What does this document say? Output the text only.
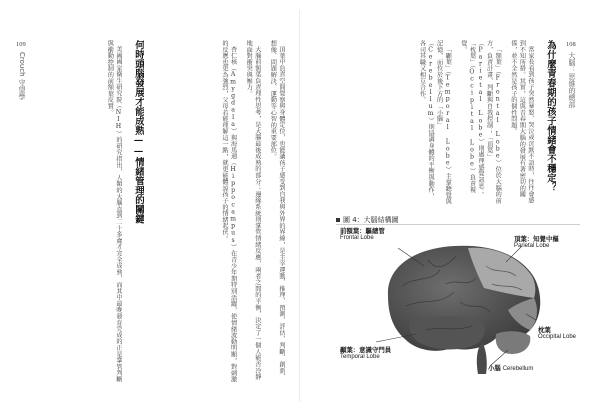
109
Crouch 守望學	頂葉中負責空間覺察與身體定位，也能讓孩子感受到自我與外界的界線，是主宰運動、推理、預測、評估、判斷、創新、想像、問題解決、運動等心智的重要部位。

大腦前額葉負責理性思考，是大腦最後成熟的部分；邊緣系統則掌管情緒反應，兩者之間的平衡，決定了一個人能否冷靜地面對衝突與壓力。

杏仁核（Amygdala）與海馬迴（Hippocampus）在青少年期特別活躍，使情緒波動明顯，對刺激的反應也更為強烈，父母若能理解這一點，就更能體諒孩子的情緒起伏。

何時頭腦發展才能成熟——情緒管理的關鍵

美國國家衛生研究院（NIH）的研究指出，人類的大腦直到二十多歲才完全成熟，而其中最晚發育完成的正是掌管判斷與衝動控制的前額葉皮質。	108
大腦：思維的總部
為什麼青春期的孩子情緒會不穩定？

當家長看到孩子突然暴怒、哭泣或沉默不語時，往往會感到不知所措。其實，這與青春期大腦的發展有著密切的關係，並不全然是孩子的個性問題。

「額葉」（Frontal Lobe）位於大腦的前方，負責計畫、判斷與自我控制；「頂葉」（Parietal Lobe）則處理感覺訊息；「枕葉」（Occipital Lobe）負責視覺。

「顳葉」（Temporal Lobe）主掌聽覺與記憶，而位於後下方的「小腦」（Cerebellum）則協調身體的平衡與動作，各司其職又相互合作。

圖 4：大腦結構圖
前額葉：驅總管
Frontal Lobe	頂葉：知覺中樞
Parietal Lobe
枕葉
Occipital Lobe
顳葉：意識守門員
Temporal Lobe
小腦 Cerebellum
